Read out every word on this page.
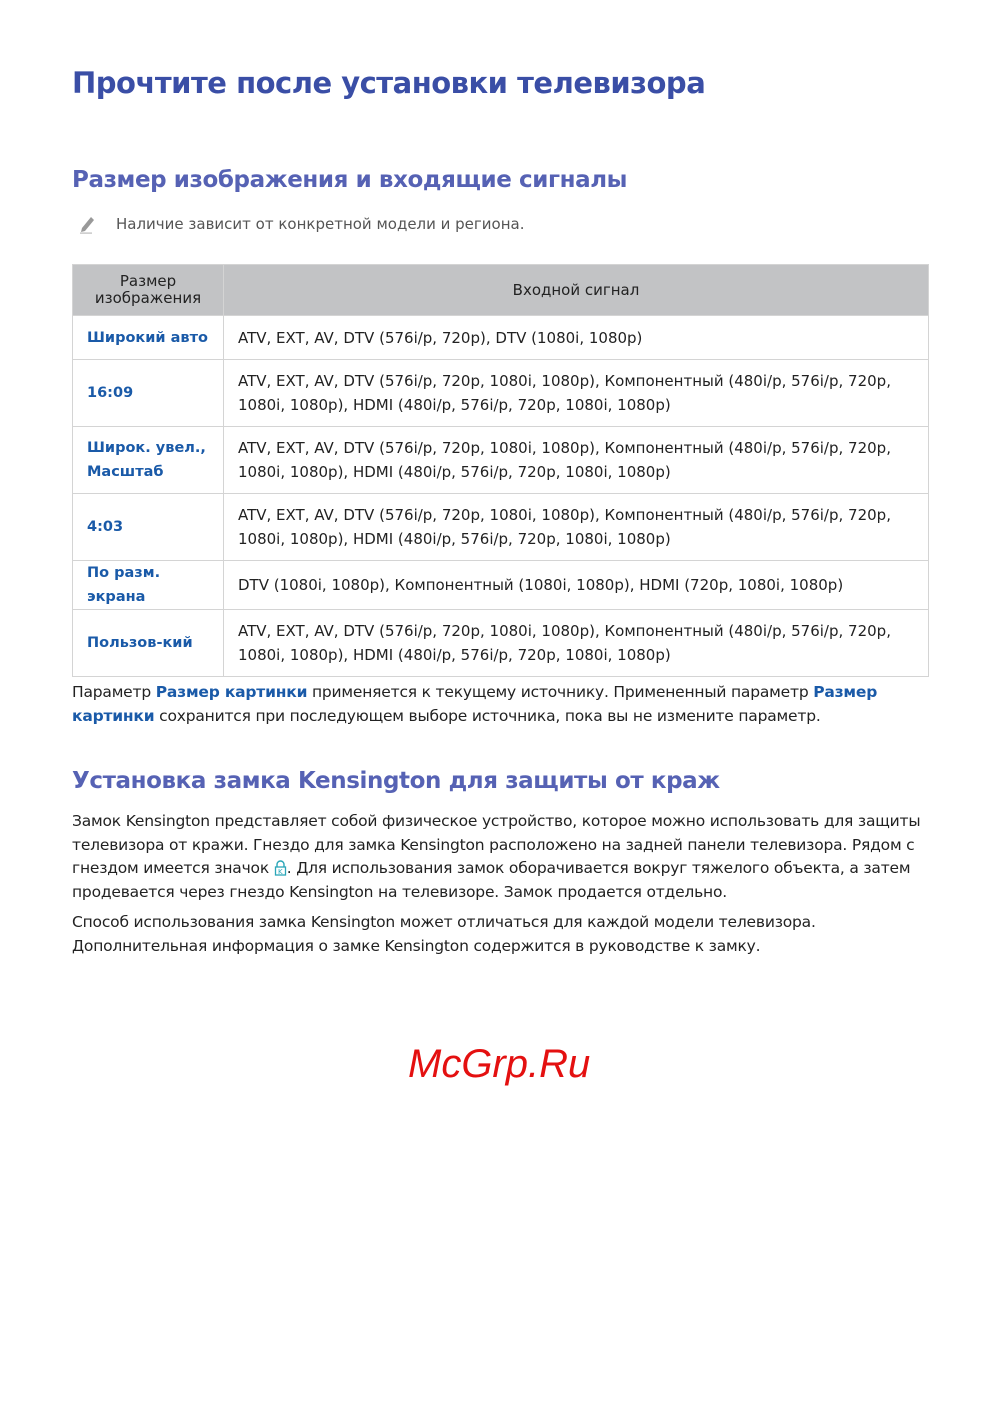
Прочтите после установки телевизора
Размер изображения и входящие сигналы
Наличие зависит от конкретной модели и региона.
Размер изображения	Входной сигнал
Широкий авто	ATV, EXT, AV, DTV (576i/p, 720p), DTV (1080i, 1080p)
16:09	ATV, EXT, AV, DTV (576i/p, 720p, 1080i, 1080p), Компонентный (480i/p, 576i/p, 720p, 1080i, 1080p), HDMI (480i/p, 576i/p, 720p, 1080i, 1080p)
Широк. увел., Масштаб	ATV, EXT, AV, DTV (576i/p, 720p, 1080i, 1080p), Компонентный (480i/p, 576i/p, 720p, 1080i, 1080p), HDMI (480i/p, 576i/p, 720p, 1080i, 1080p)
4:03	ATV, EXT, AV, DTV (576i/p, 720p, 1080i, 1080p), Компонентный (480i/p, 576i/p, 720p, 1080i, 1080p), HDMI (480i/p, 576i/p, 720p, 1080i, 1080p)
По разм. экрана	DTV (1080i, 1080p), Компонентный (1080i, 1080p), HDMI (720p, 1080i, 1080p)
Пользов-кий	ATV, EXT, AV, DTV (576i/p, 720p, 1080i, 1080p), Компонентный (480i/p, 576i/p, 720p, 1080i, 1080p), HDMI (480i/p, 576i/p, 720p, 1080i, 1080p)
Параметр Размер картинки применяется к текущему источнику. Примененный параметр Размер картинки сохранится при последующем выборе источника, пока вы не измените параметр.
Установка замка Kensington для защиты от краж
Замок Kensington представляет собой физическое устройство, которое можно использовать для защиты телевизора от кражи. Гнездо для замка Kensington расположено на задней панели телевизора. Рядом с гнездом имеется значок K . Для использования замок оборачивается вокруг тяжелого объекта, а затем продевается через гнездо Kensington на телевизоре. Замок продается отдельно.
Способ использования замка Kensington может отличаться для каждой модели телевизора. Дополнительная информация о замке Kensington содержится в руководстве к замку.
McGrp.Ru
